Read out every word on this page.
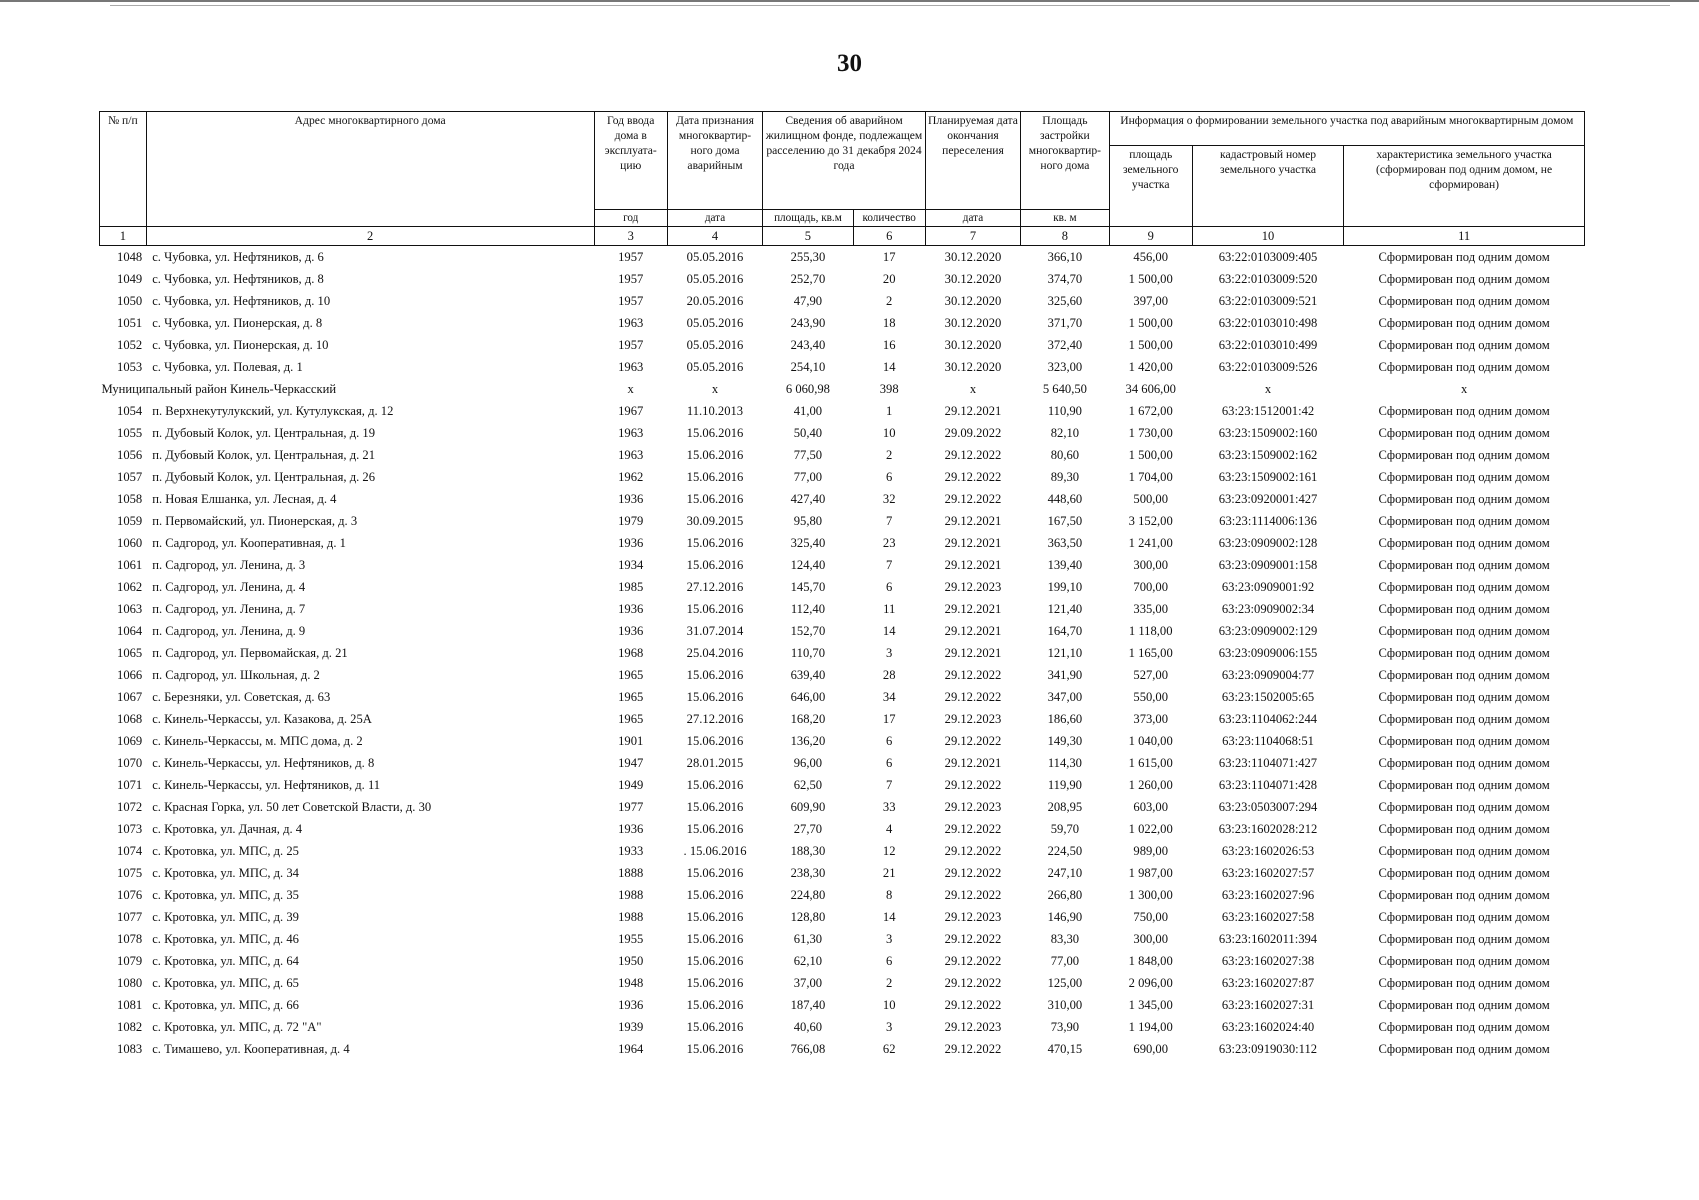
30
№ п/п	Адрес многоквартирного дома	Год ввода дома в эксплуата-цию	Дата признания многоквартир-ного дома аварийным	Сведения об аварийном жилищном фонде, подлежащем расселению до 31 декабря 2024 года		Планируемая дата окончания переселения	Площадь застройки многоквартир-ного дома	Информация о формировании земельного участка под аварийным многоквартирным домом		
								площадь земельного участка	кадастровый номер земельного участка	характеристика земельного участка (сформирован под одним домом, не сформирован)
		год	дата	площадь, кв.м	количество	дата	кв. м			
1	2	3	4	5	6	7	8	9	10	11
1048	с. Чубовка, ул. Нефтяников, д. 6	1957	05.05.2016	255,30	17	30.12.2020	366,10	456,00	63:22:0103009:405	Сформирован под одним домом
1049	с. Чубовка, ул. Нефтяников, д. 8	1957	05.05.2016	252,70	20	30.12.2020	374,70	1 500,00	63:22:0103009:520	Сформирован под одним домом
1050	с. Чубовка, ул. Нефтяников, д. 10	1957	20.05.2016	47,90	2	30.12.2020	325,60	397,00	63:22:0103009:521	Сформирован под одним домом
1051	с. Чубовка, ул. Пионерская, д. 8	1963	05.05.2016	243,90	18	30.12.2020	371,70	1 500,00	63:22:0103010:498	Сформирован под одним домом
1052	с. Чубовка, ул. Пионерская, д. 10	1957	05.05.2016	243,40	16	30.12.2020	372,40	1 500,00	63:22:0103010:499	Сформирован под одним домом
1053	с. Чубовка, ул. Полевая, д. 1	1963	05.05.2016	254,10	14	30.12.2020	323,00	1 420,00	63:22:0103009:526	Сформирован под одним домом
Муниципальный район Кинель-Черкасский		x	x	6 060,98	398	x	5 640,50	34 606,00	x	x
1054	п. Верхнекутулукский, ул. Кутулукская, д. 12	1967	11.10.2013	41,00	1	29.12.2021	110,90	1 672,00	63:23:1512001:42	Сформирован под одним домом
1055	п. Дубовый Колок, ул. Центральная, д. 19	1963	15.06.2016	50,40	10	29.09.2022	82,10	1 730,00	63:23:1509002:160	Сформирован под одним домом
1056	п. Дубовый Колок, ул. Центральная, д. 21	1963	15.06.2016	77,50	2	29.12.2022	80,60	1 500,00	63:23:1509002:162	Сформирован под одним домом
1057	п. Дубовый Колок, ул. Центральная, д. 26	1962	15.06.2016	77,00	6	29.12.2022	89,30	1 704,00	63:23:1509002:161	Сформирован под одним домом
1058	п. Новая Елшанка, ул. Лесная, д. 4	1936	15.06.2016	427,40	32	29.12.2022	448,60	500,00	63:23:0920001:427	Сформирован под одним домом
1059	п. Первомайский, ул. Пионерская, д. 3	1979	30.09.2015	95,80	7	29.12.2021	167,50	3 152,00	63:23:1114006:136	Сформирован под одним домом
1060	п. Садгород, ул. Кооперативная, д. 1	1936	15.06.2016	325,40	23	29.12.2021	363,50	1 241,00	63:23:0909002:128	Сформирован под одним домом
1061	п. Садгород, ул. Ленина, д. 3	1934	15.06.2016	124,40	7	29.12.2021	139,40	300,00	63:23:0909001:158	Сформирован под одним домом
1062	п. Садгород, ул. Ленина, д. 4	1985	27.12.2016	145,70	6	29.12.2023	199,10	700,00	63:23:0909001:92	Сформирован под одним домом
1063	п. Садгород, ул. Ленина, д. 7	1936	15.06.2016	112,40	11	29.12.2021	121,40	335,00	63:23:0909002:34	Сформирован под одним домом
1064	п. Садгород, ул. Ленина, д. 9	1936	31.07.2014	152,70	14	29.12.2021	164,70	1 118,00	63:23:0909002:129	Сформирован под одним домом
1065	п. Садгород, ул. Первомайская, д. 21	1968	25.04.2016	110,70	3	29.12.2021	121,10	1 165,00	63:23:0909006:155	Сформирован под одним домом
1066	п. Садгород, ул. Школьная, д. 2	1965	15.06.2016	639,40	28	29.12.2022	341,90	527,00	63:23:0909004:77	Сформирован под одним домом
1067	с. Березняки, ул. Советская, д. 63	1965	15.06.2016	646,00	34	29.12.2022	347,00	550,00	63:23:1502005:65	Сформирован под одним домом
1068	с. Кинель-Черкассы, ул. Казакова, д. 25А	1965	27.12.2016	168,20	17	29.12.2023	186,60	373,00	63:23:1104062:244	Сформирован под одним домом
1069	с. Кинель-Черкассы, м. МПС дома, д. 2	1901	15.06.2016	136,20	6	29.12.2022	149,30	1 040,00	63:23:1104068:51	Сформирован под одним домом
1070	с. Кинель-Черкассы, ул. Нефтяников, д. 8	1947	28.01.2015	96,00	6	29.12.2021	114,30	1 615,00	63:23:1104071:427	Сформирован под одним домом
1071	с. Кинель-Черкассы, ул. Нефтяников, д. 11	1949	15.06.2016	62,50	7	29.12.2022	119,90	1 260,00	63:23:1104071:428	Сформирован под одним домом
1072	с. Красная Горка, ул. 50 лет Советской Власти, д. 30	1977	15.06.2016	609,90	33	29.12.2023	208,95	603,00	63:23:0503007:294	Сформирован под одним домом
1073	с. Кротовка, ул. Дачная, д. 4	1936	15.06.2016	27,70	4	29.12.2022	59,70	1 022,00	63:23:1602028:212	Сформирован под одним домом
1074	с. Кротовка, ул. МПС, д. 25	1933	. 15.06.2016	188,30	12	29.12.2022	224,50	989,00	63:23:1602026:53	Сформирован под одним домом
1075	с. Кротовка, ул. МПС, д. 34	1888	15.06.2016	238,30	21	29.12.2022	247,10	1 987,00	63:23:1602027:57	Сформирован под одним домом
1076	с. Кротовка, ул. МПС, д. 35	1988	15.06.2016	224,80	8	29.12.2022	266,80	1 300,00	63:23:1602027:96	Сформирован под одним домом
1077	с. Кротовка, ул. МПС, д. 39	1988	15.06.2016	128,80	14	29.12.2023	146,90	750,00	63:23:1602027:58	Сформирован под одним домом
1078	с. Кротовка, ул. МПС, д. 46	1955	15.06.2016	61,30	3	29.12.2022	83,30	300,00	63:23:1602011:394	Сформирован под одним домом
1079	с. Кротовка, ул. МПС, д. 64	1950	15.06.2016	62,10	6	29.12.2022	77,00	1 848,00	63:23:1602027:38	Сформирован под одним домом
1080	с. Кротовка, ул. МПС, д. 65	1948	15.06.2016	37,00	2	29.12.2022	125,00	2 096,00	63:23:1602027:87	Сформирован под одним домом
1081	с. Кротовка, ул. МПС, д. 66	1936	15.06.2016	187,40	10	29.12.2022	310,00	1 345,00	63:23:1602027:31	Сформирован под одним домом
1082	с. Кротовка, ул. МПС, д. 72 "А"	1939	15.06.2016	40,60	3	29.12.2023	73,90	1 194,00	63:23:1602024:40	Сформирован под одним домом
1083	с. Тимашево, ул. Кооперативная, д. 4	1964	15.06.2016	766,08	62	29.12.2022	470,15	690,00	63:23:0919030:112	Сформирован под одним домом
